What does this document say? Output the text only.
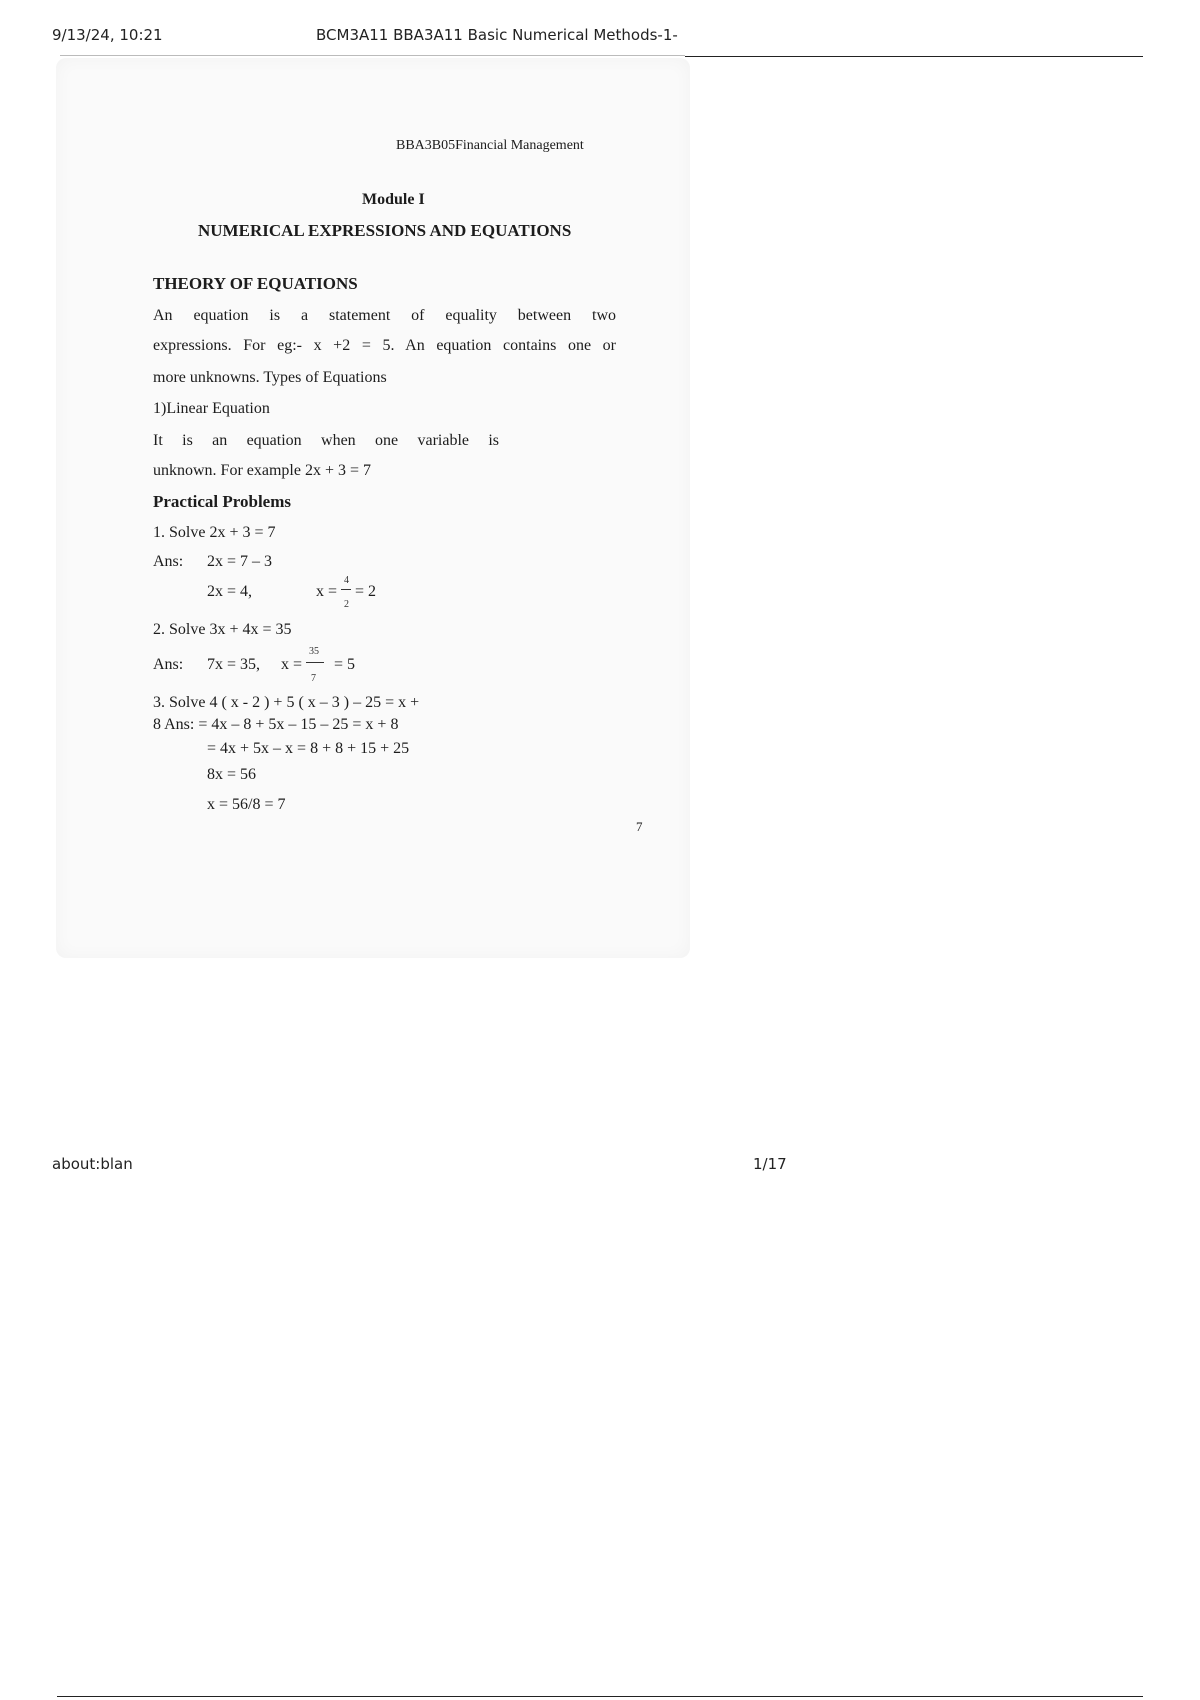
9/13/24, 10:21	BCM3A11 BBA3A11 Basic Numerical Methods-1-
BBA3B05Financial Management
Module I
NUMERICAL EXPRESSIONS AND EQUATIONS
THEORY OF EQUATIONS
An equation is a statement of equality between two
expressions. For eg:- x +2 = 5. An equation contains one or
more unknowns. Types of Equations
1)Linear Equation
It is an equation when one variable is
unknown. For example 2x + 3 = 7
Practical Problems
1. Solve 2x + 3 = 7
Ans: 2x = 7 – 3
2x = 4,	x =
4
2
= 2
2. Solve 3x + 4x = 35
Ans: 7x = 35, x =
35
7
= 5
3. Solve 4 ( x - 2 ) + 5 ( x – 3 ) – 25 = x +
8 Ans: = 4x – 8 + 5x – 15 – 25 = x + 8
= 4x + 5x – x = 8 + 8 + 15 + 25
8x = 56
x = 56/8 = 7
7
about:blan	1/17
